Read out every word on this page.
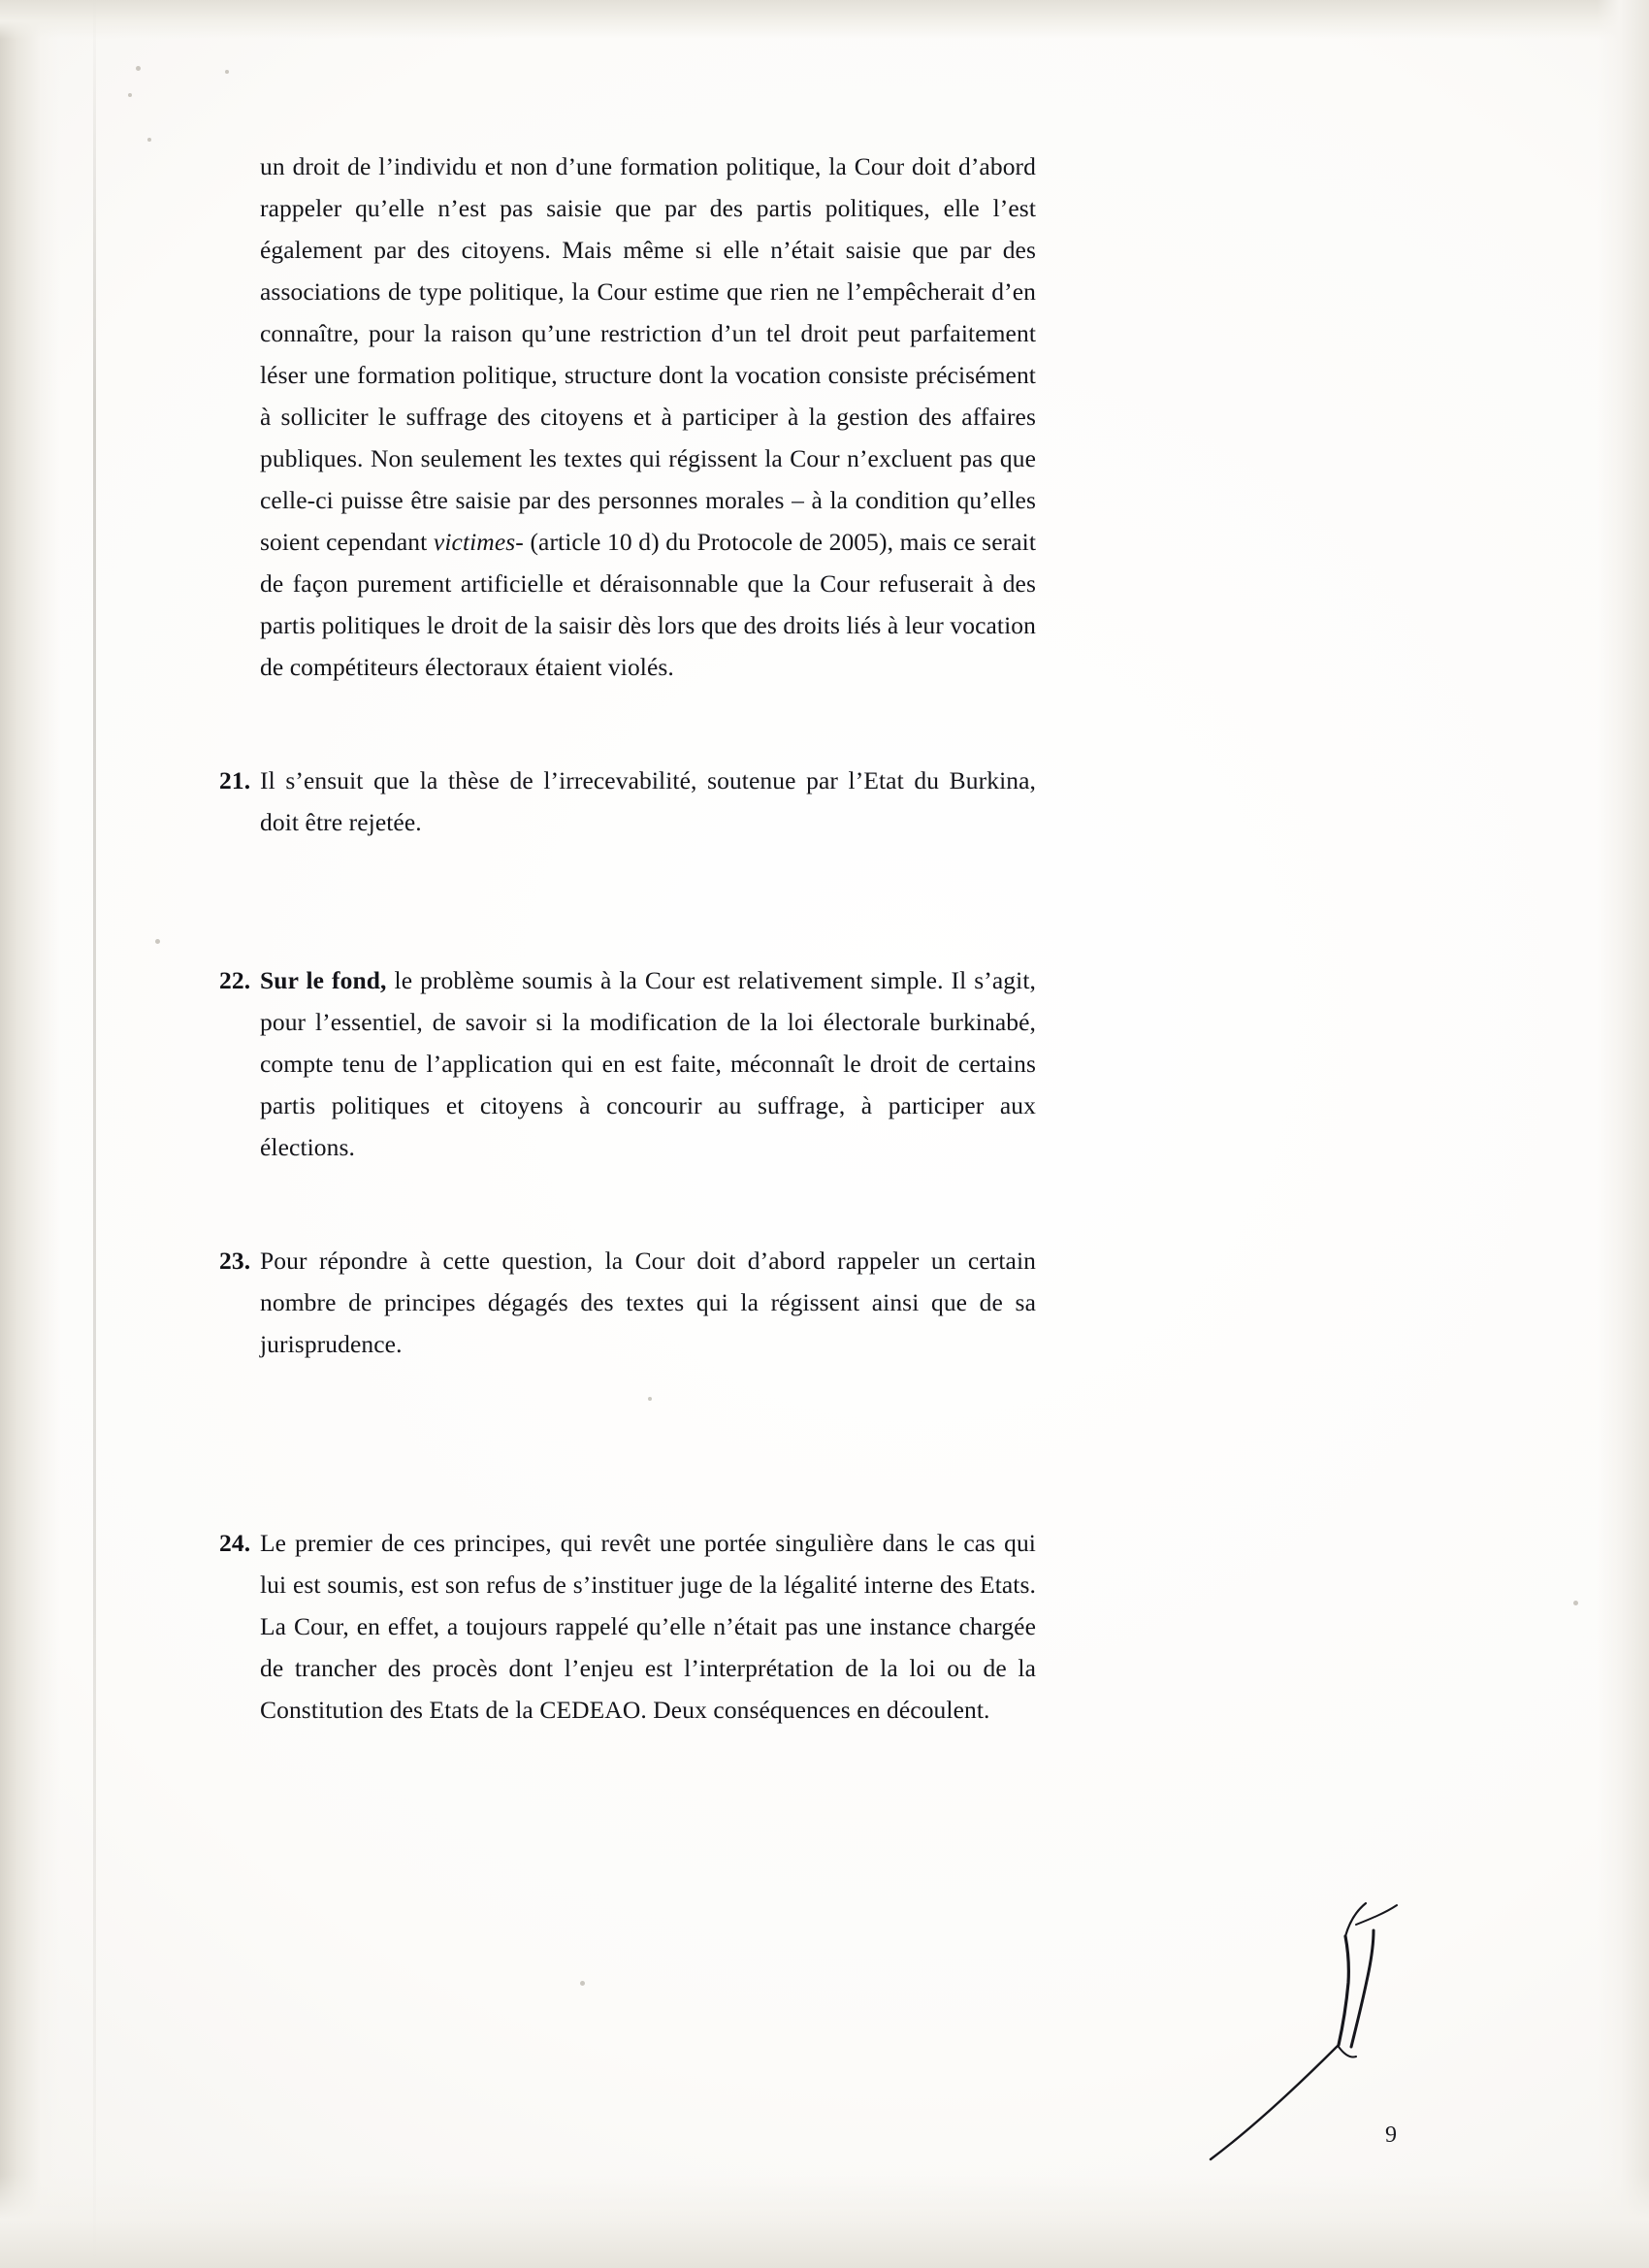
un droit de l’individu et non d’une formation politique, la Cour doit d’abord rappeler qu’elle n’est pas saisie que par des partis politiques, elle l’est également par des citoyens. Mais même si elle n’était saisie que par des associations de type politique, la Cour estime que rien ne l’empêcherait d’en connaître, pour la raison qu’une restriction d’un tel droit peut parfaitement léser une formation politique, structure dont la vocation consiste précisément à solliciter le suffrage des citoyens et à participer à la gestion des affaires publiques. Non seulement les textes qui régissent la Cour n’excluent pas que celle-ci puisse être saisie par des personnes morales – à la condition qu’elles soient cependant victimes- (article 10 d) du Protocole de 2005), mais ce serait de façon purement artificielle et déraisonnable que la Cour refuserait à des partis politiques le droit de la saisir dès lors que des droits liés à leur vocation de compétiteurs électoraux étaient violés.

21. Il s’ensuit que la thèse de l’irrecevabilité, soutenue par l’Etat du Burkina, doit être rejetée.

22. Sur le fond, le problème soumis à la Cour est relativement simple. Il s’agit, pour l’essentiel, de savoir si la modification de la loi électorale burkinabé, compte tenu de l’application qui en est faite, méconnaît le droit de certains partis politiques et citoyens à concourir au suffrage, à participer aux élections.

23. Pour répondre à cette question, la Cour doit d’abord rappeler un certain nombre de principes dégagés des textes qui la régissent ainsi que de sa jurisprudence.

24. Le premier de ces principes, qui revêt une portée singulière dans le cas qui lui est soumis, est son refus de s’instituer juge de la légalité interne des Etats. La Cour, en effet, a toujours rappelé qu’elle n’était pas une instance chargée de trancher des procès dont l’enjeu est l’interprétation de la loi ou de la Constitution des Etats de la CEDEAO. Deux conséquences en découlent.

9
